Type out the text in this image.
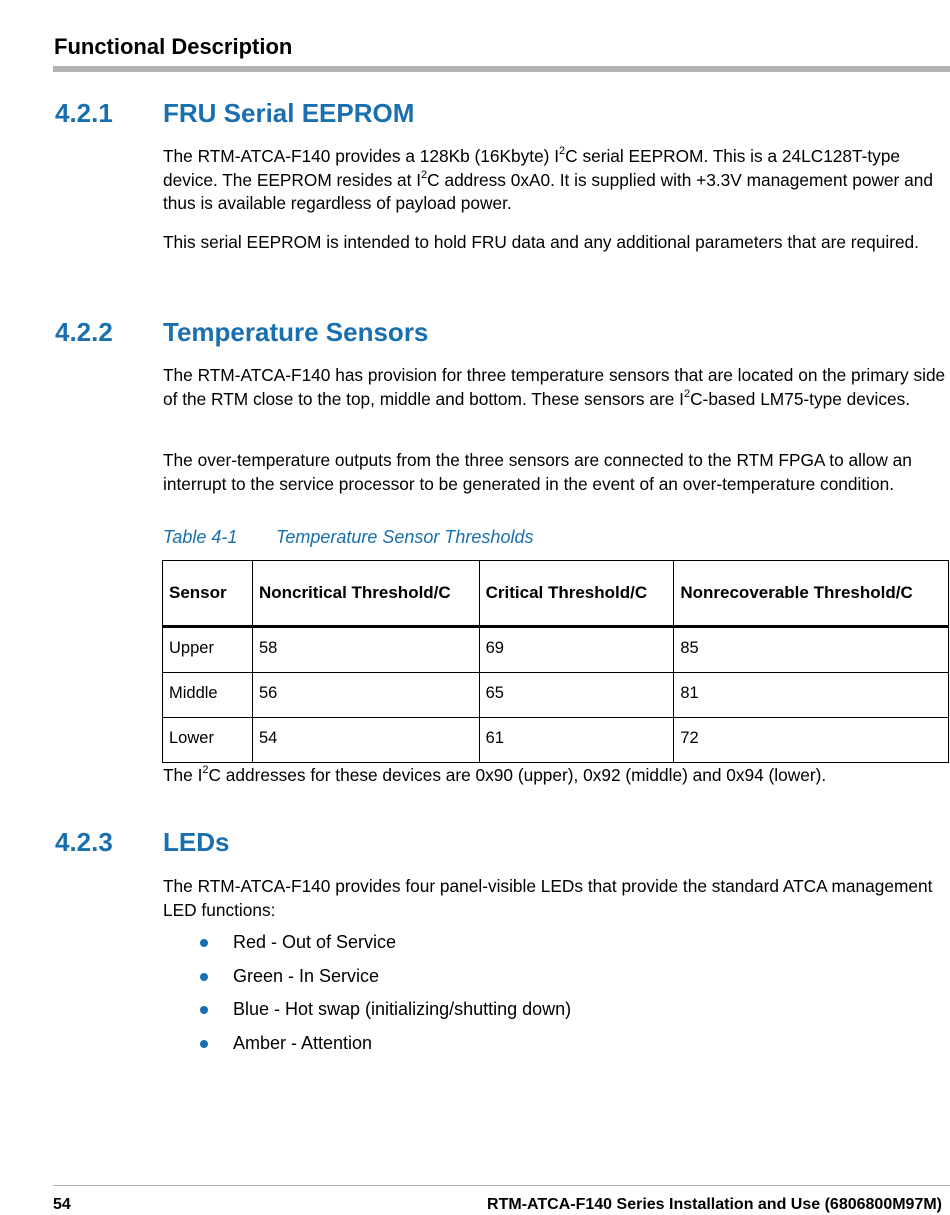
Functional Description
4.2.1 FRU Serial EEPROM

The RTM-ATCA-F140 provides a 128Kb (16Kbyte) $I^2C$ serial EEPROM. This is a 24LC128T-type device. The EEPROM resides at $I^2C$ address 0xA0. It is supplied with +3.3V management power and thus is available regardless of payload power.

This serial EEPROM is intended to hold FRU data and any additional parameters that are required.

4.2.2 Temperature Sensors

The RTM-ATCA-F140 has provision for three temperature sensors that are located on the primary side of the RTM close to the top, middle and bottom. These sensors are $I^2C$-based LM75-type devices.

The over-temperature outputs from the three sensors are connected to the RTM FPGA to allow an interrupt to the service processor to be generated in the event of an over-temperature condition.

Table 4-1 Temperature Sensor Thresholds

Sensor	Noncritical Threshold/C	Critical Threshold/C	Nonrecoverable Threshold/C
Upper	58	69	85
Middle	56	65	81
Lower	54	61	72

The $I^2C$ addresses for these devices are 0x90 (upper), 0x92 (middle) and 0x94 (lower).

4.2.3 LEDs

The RTM-ATCA-F140 provides four panel-visible LEDs that provide the standard ATCA management LED functions:

Red - Out of Service
Green - In Service
Blue - Hot swap (initializing/shutting down)
Amber - Attention

54	RTM-ATCA-F140 Series Installation and Use (6806800M97M)
